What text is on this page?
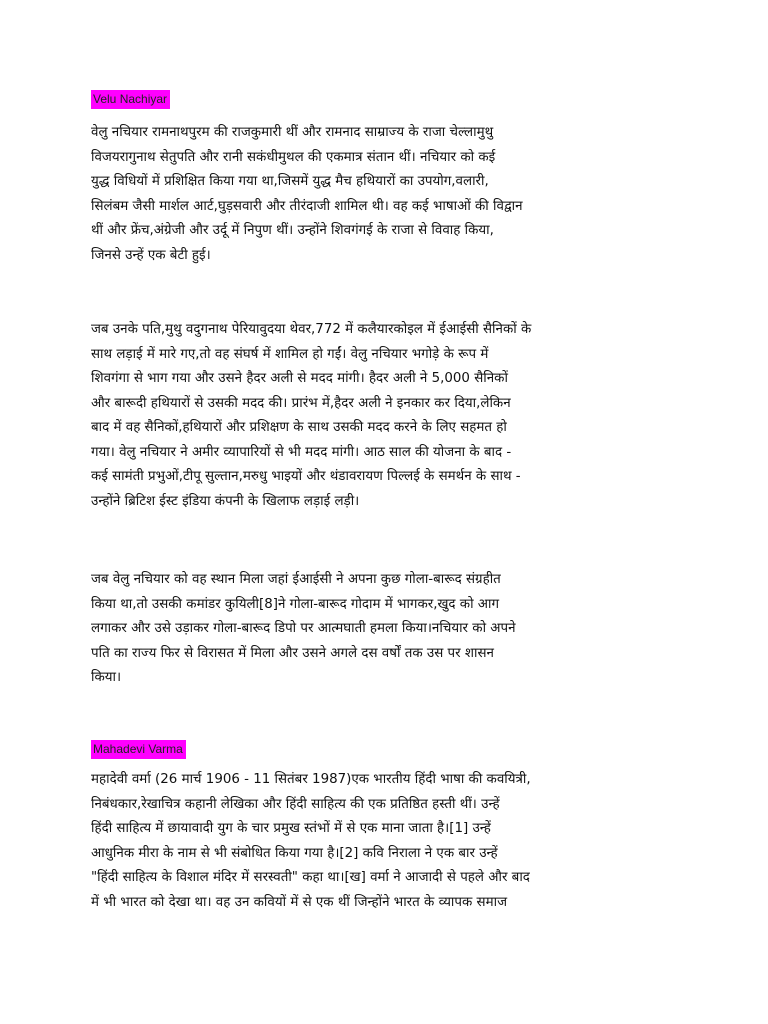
Velu Nachiyar
वेलु नचियार रामनाथपुरम की राजकुमारी थीं और रामनाद साम्राज्य के राजा चेल्लामुथु
विजयरागुनाथ सेतुपति और रानी सकंधीमुथल की एकमात्र संतान थीं। नचियार को कई
युद्ध विधियों में प्रशिक्षित किया गया था,जिसमें युद्ध मैच हथियारों का उपयोग,वलारी,
सिलंबम जैसी मार्शल आर्ट,घुड़सवारी और तीरंदाजी शामिल थी। वह कई भाषाओं की विद्वान
थीं और फ्रेंच,अंग्रेजी और उर्दू में निपुण थीं। उन्होंने शिवगंगई के राजा से विवाह किया,
जिनसे उन्हें एक बेटी हुई।
जब उनके पति,मुथु वदुगनाथ पेरियावुदया थेवर,772 में कलैयारकोइल में ईआईसी सैनिकों के
साथ लड़ाई में मारे गए,तो वह संघर्ष में शामिल हो गईं। वेलु नचियार भगोड़े के रूप में
शिवगंगा से भाग गया और उसने हैदर अली से मदद मांगी। हैदर अली ने 5,000 सैनिकों
और बारूदी हथियारों से उसकी मदद की। प्रारंभ में,हैदर अली ने इनकार कर दिया,लेकिन
बाद में वह सैनिकों,हथियारों और प्रशिक्षण के साथ उसकी मदद करने के लिए सहमत हो
गया। वेलु नचियार ने अमीर व्यापारियों से भी मदद मांगी। आठ साल की योजना के बाद -
कई सामंती प्रभुओं,टीपू सुल्तान,मरुधु भाइयों और थंडावरायण पिल्लई के समर्थन के साथ -
उन्होंने ब्रिटिश ईस्ट इंडिया कंपनी के खिलाफ लड़ाई लड़ी।
जब वेलु नचियार को वह स्थान मिला जहां ईआईसी ने अपना कुछ गोला-बारूद संग्रहीत
किया था,तो उसकी कमांडर कुयिली[8]ने गोला-बारूद गोदाम में भागकर,खुद को आग
लगाकर और उसे उड़ाकर गोला-बारूद डिपो पर आत्मघाती हमला किया।नचियार को अपने
पति का राज्य फिर से विरासत में मिला और उसने अगले दस वर्षों तक उस पर शासन
किया।
Mahadevi Varma
महादेवी वर्मा (26 मार्च 1906 - 11 सितंबर 1987)एक भारतीय हिंदी भाषा की कवयित्री,
निबंधकार,रेखाचित्र कहानी लेखिका और हिंदी साहित्य की एक प्रतिष्ठित हस्ती थीं। उन्हें
हिंदी साहित्य में छायावादी युग के चार प्रमुख स्तंभों में से एक माना जाता है।[1] उन्हें
आधुनिक मीरा के नाम से भी संबोधित किया गया है।[2] कवि निराला ने एक बार उन्हें
"हिंदी साहित्य के विशाल मंदिर में सरस्वती" कहा था।[ख] वर्मा ने आजादी से पहले और बाद
में भी भारत को देखा था। वह उन कवियों में से एक थीं जिन्होंने भारत के व्यापक समाज
